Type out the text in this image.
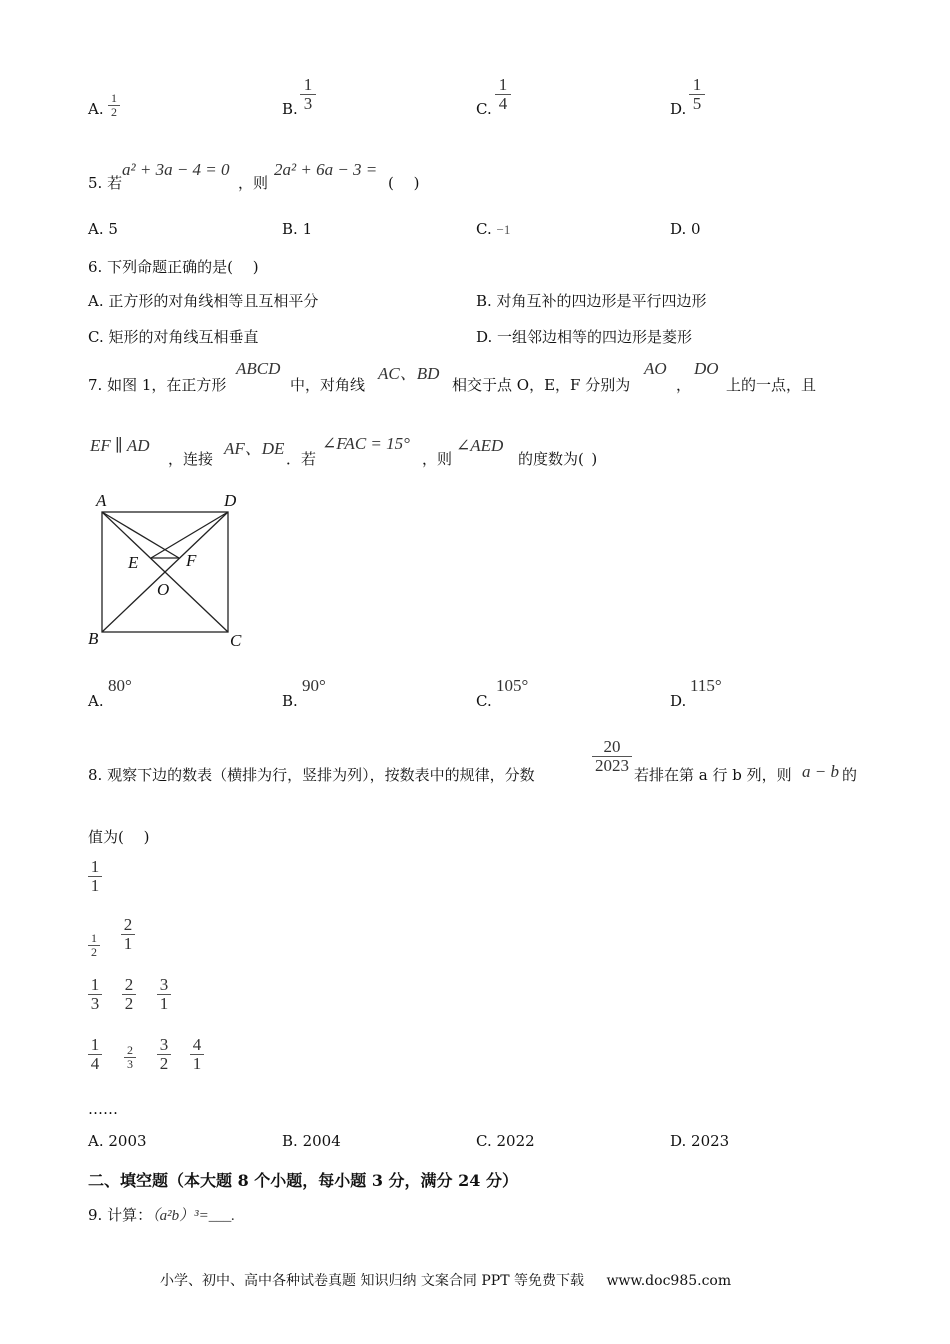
A. $\frac{1}{2}$	B. $\frac{1}{3}$	C. $\frac{1}{4}$	D. $\frac{1}{5}$
5. 若
a² + 3a − 4 = 0
，则
2a² + 6a − 3 =
(　 )
A. 5	B. 1	C. −1	D. 0
6. 下列命题正确的是(　 )
A. 正方形的对角线相等且互相平分	B. 对角互补的四边形是平行四边形
C. 矩形的对角线互相垂直	D. 一组邻边相等的四边形是菱形
7. 如图 1，在正方形
ABCD
中，对角线
AC、BD
相交于点 O，E，F 分别为
AO
，
DO
上的一点，且
EF ∥ AD
，连接
AF、DE
．若
∠FAC = 15°
，则
∠AED
的度数为( )
A	D
B	C
E	F
O
A.
80°
B.
90°
C.
105°
D.
115°
8. 观察下边的数表（横排为行，竖排为列），按数表中的规律，分数
$\frac{20}{2023}$
若排在第 a 行 b 列，则 a − b 的
值为(　 )
$\frac{1}{1}$
$\frac{1}{2} \frac{2}{1}$
$\frac{1}{3} \frac{2}{2} \frac{3}{1}$
$\frac{1}{4} \frac{2}{3} \frac{3}{2} \frac{4}{1}$
……
A. 2003	B. 2004	C. 2022	D. 2023
二、填空题（本大题 8 个小题，每小题 3 分，满分 24 分）
9. 计算：（a²b）³=___.
小学、初中、高中各种试卷真题 知识归纳 文案合同 PPT 等免费下载 www.doc985.com
